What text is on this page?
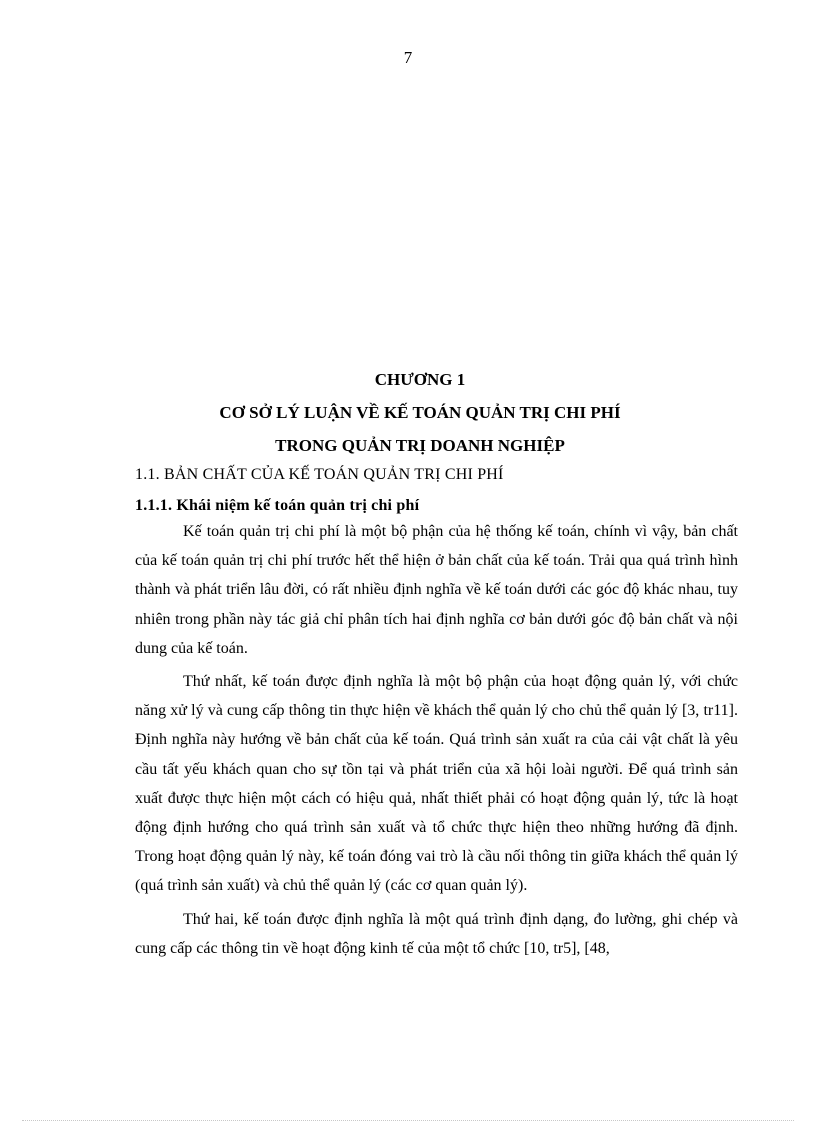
7
CHƯƠNG 1
CƠ SỞ LÝ LUẬN VỀ KẾ TOÁN QUẢN TRỊ CHI PHÍ
TRONG QUẢN TRỊ DOANH NGHIỆP
1.1. BẢN CHẤT CỦA KẾ TOÁN QUẢN TRỊ CHI PHÍ
1.1.1. Khái niệm kế toán quản trị chi phí

Kế toán quản trị chi phí là một bộ phận của hệ thống kế toán, chính vì vậy, bản chất của kế toán quản trị chi phí trước hết thể hiện ở bản chất của kế toán. Trải qua quá trình hình thành và phát triển lâu đời, có rất nhiều định nghĩa về kế toán dưới các góc độ khác nhau, tuy nhiên trong phần này tác giả chỉ phân tích hai định nghĩa cơ bản dưới góc độ bản chất và nội dung của kế toán.

Thứ nhất, kế toán được định nghĩa là một bộ phận của hoạt động quản lý, với chức năng xử lý và cung cấp thông tin thực hiện về khách thể quản lý cho chủ thể quản lý [3, tr11]. Định nghĩa này hướng về bản chất của kế toán. Quá trình sản xuất ra của cải vật chất là yêu cầu tất yếu khách quan cho sự tồn tại và phát triển của xã hội loài người. Để quá trình sản xuất được thực hiện một cách có hiệu quả, nhất thiết phải có hoạt động quản lý, tức là hoạt động định hướng cho quá trình sản xuất và tổ chức thực hiện theo những hướng đã định. Trong hoạt động quản lý này, kế toán đóng vai trò là cầu nối thông tin giữa khách thể quản lý (quá trình sản xuất) và chủ thể quản lý (các cơ quan quản lý).

Thứ hai, kế toán được định nghĩa là một quá trình định dạng, đo lường, ghi chép và cung cấp các thông tin về hoạt động kinh tế của một tổ chức [10, tr5], [48,
